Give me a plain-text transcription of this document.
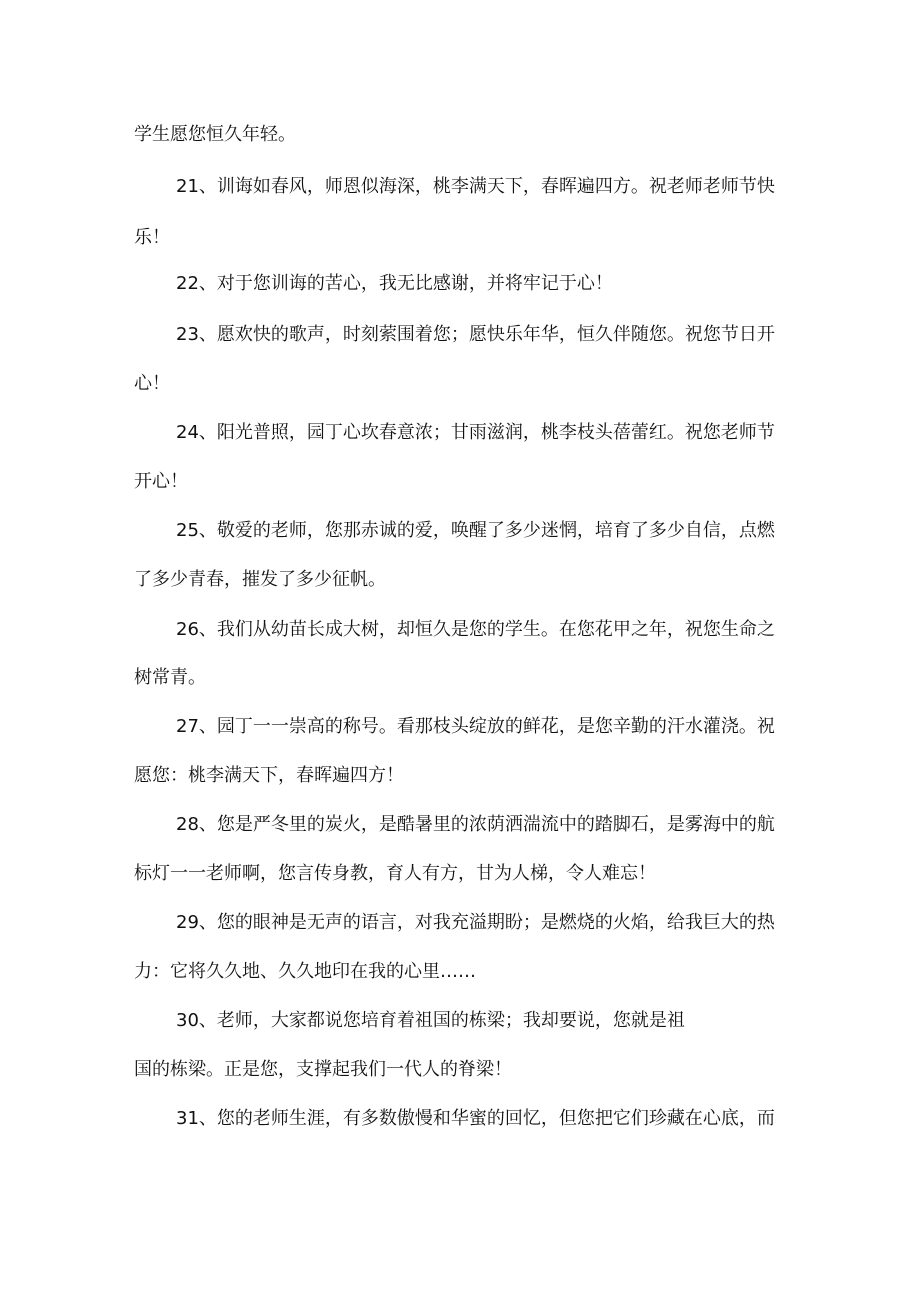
学生愿您恒久年轻。
21、训诲如春风，师恩似海深，桃李满天下，春晖遍四方。祝老师老师节快
乐！
22、对于您训诲的苦心，我无比感谢，并将牢记于心！
23、愿欢快的歌声，时刻萦围着您；愿快乐年华，恒久伴随您。祝您节日开
心！
24、阳光普照，园丁心坎春意浓；甘雨滋润，桃李枝头蓓蕾红。祝您老师节
开心！
25、敬爱的老师，您那赤诚的爱，唤醒了多少迷惘，培育了多少自信，点燃
了多少青春，摧发了多少征帆。
26、我们从幼苗长成大树，却恒久是您的学生。在您花甲之年，祝您生命之
树常青。
27、园丁一一崇高的称号。看那枝头绽放的鲜花，是您辛勤的汗水灌浇。祝
愿您：桃李满天下，春晖遍四方！
28、您是严冬里的炭火，是酷暑里的浓荫洒湍流中的踏脚石，是雾海中的航
标灯一一老师啊，您言传身教，育人有方，甘为人梯，令人难忘！
29、您的眼神是无声的语言，对我充溢期盼；是燃烧的火焰，给我巨大的热
力：它将久久地、久久地印在我的心里……
30、老师，大家都说您培育着祖国的栋梁；我却要说，您就是祖
国的栋梁。正是您，支撑起我们一代人的脊梁！
31、您的老师生涯，有多数傲慢和华蜜的回忆，但您把它们珍藏在心底，而
